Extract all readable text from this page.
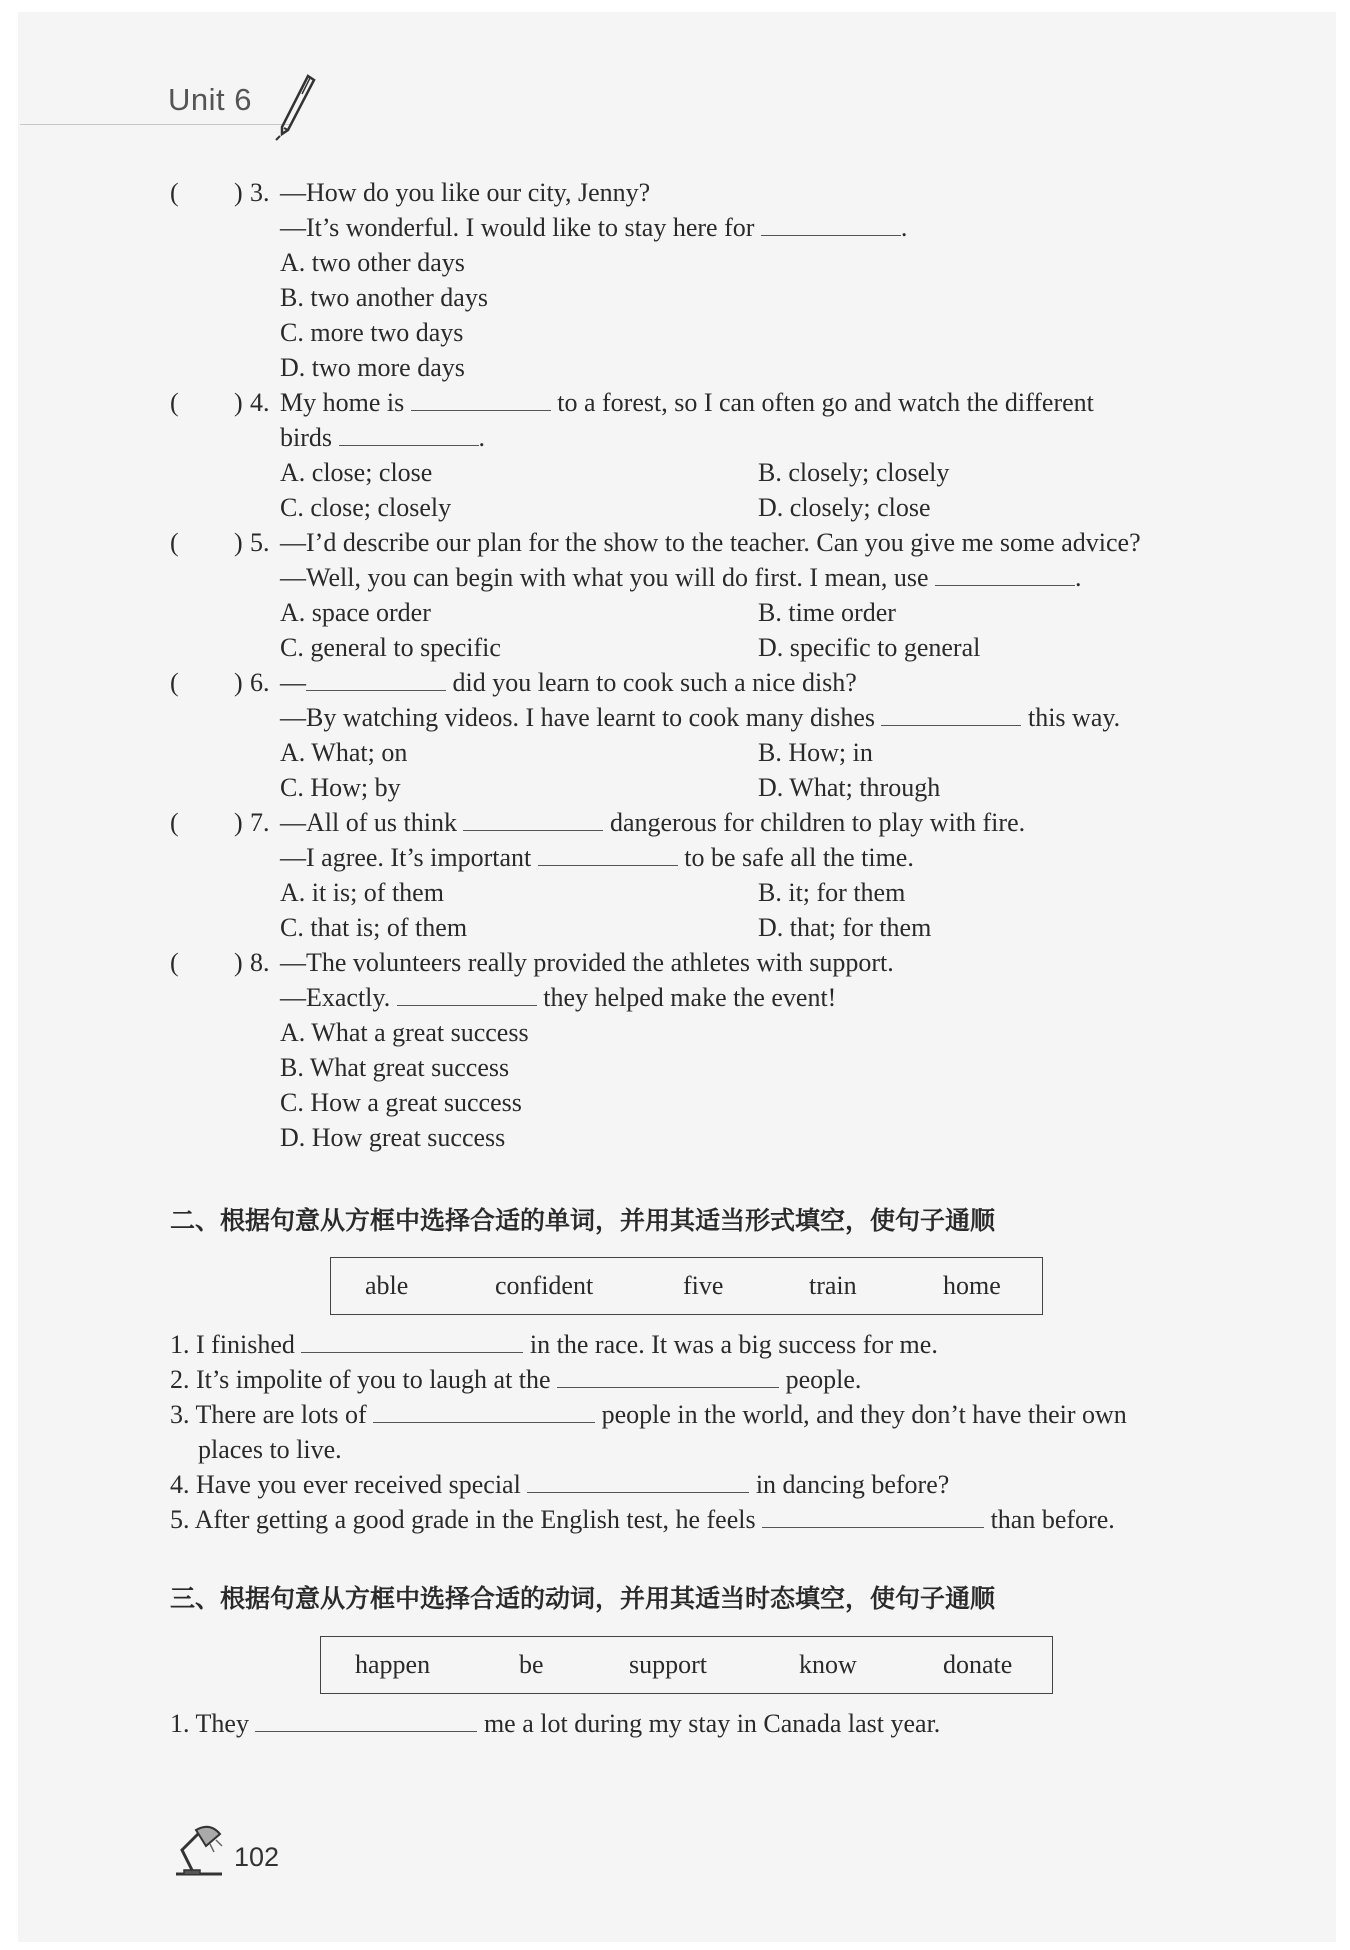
Unit 6
( ) 3. —How do you like our city, Jenny?
—It’s wonderful. I would like to stay here for	.
A. two other days
B. two another days
C. more two days
D. two more days
( ) 4. My home is	to a forest, so I can often go and watch the different
birds	.
A. close; close	B. closely; closely
C. close; closely	D. closely; close
( ) 5. —I’d describe our plan for the show to the teacher. Can you give me some advice?
—Well, you can begin with what you will do first. I mean, use	.
A. space order	B. time order
C. general to specific	D. specific to general
( ) 6. —	did you learn to cook such a nice dish?
—By watching videos. I have learnt to cook many dishes	this way.
A. What; on	B. How; in
C. How; by	D. What; through
( ) 7. —All of us think	dangerous for children to play with fire.
—I agree. It’s important	to be safe all the time.
A. it is; of them	B. it; for them
C. that is; of them	D. that; for them
( ) 8. —The volunteers really provided the athletes with support.
—Exactly.	they helped make the event!
A. What a great success
B. What great success
C. How a great success
D. How great success
二、根据句意从方框中选择合适的单词，并用其适当形式填空，使句子通顺
able	confident	five	train	home
1. I finished	in the race. It was a big success for me.
2. It’s impolite of you to laugh at the	people.
3. There are lots of	people in the world, and they don’t have their own
places to live.
4. Have you ever received special	in dancing before?
5. After getting a good grade in the English test, he feels	than before.
三、根据句意从方框中选择合适的动词，并用其适当时态填空，使句子通顺
happen	be	support	know	donate
1. They	me a lot during my stay in Canada last year.
102
